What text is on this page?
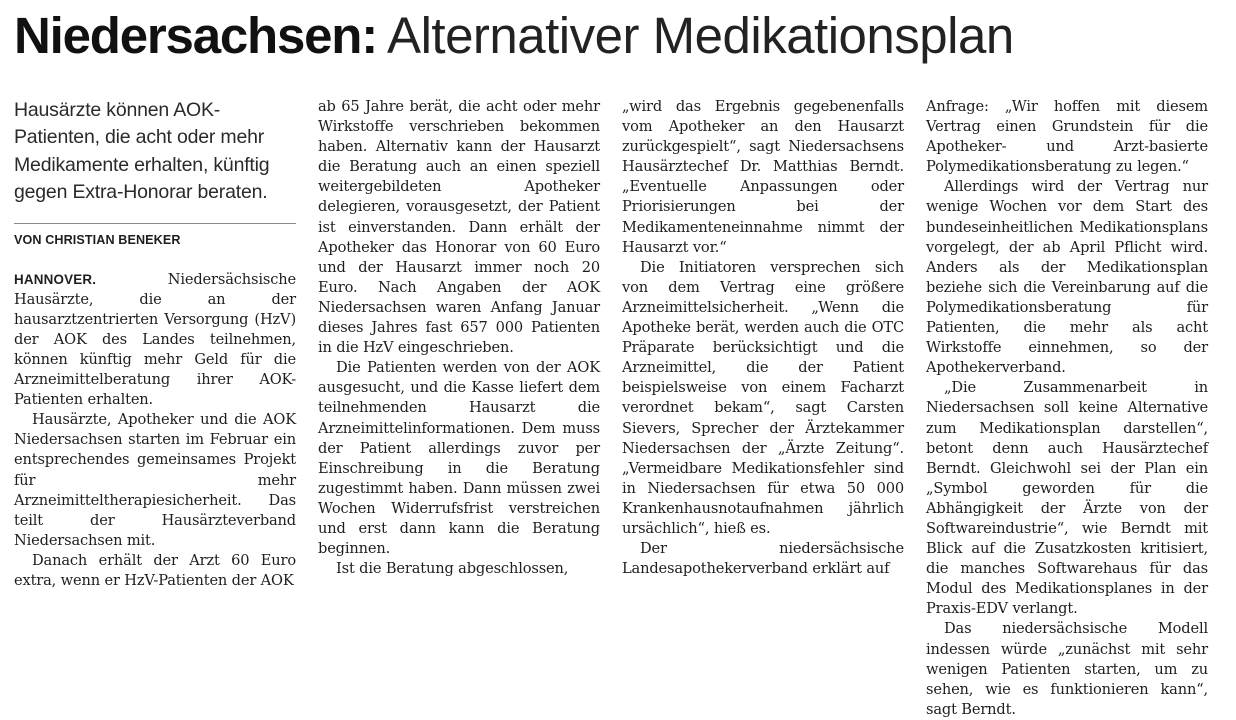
Niedersachsen: Alternativer Medikationsplan

Hausärzte können AOK-Patienten, die acht oder mehr Medikamente erhalten, künftig gegen Extra-Honorar beraten.

VON CHRISTIAN BENEKER

HANNOVER. Niedersächsische Hausärzte, die an der hausarztzentrierten Versorgung (HzV) der AOK des Landes teilnehmen, können künftig mehr Geld für die Arzneimittelberatung ihrer AOK-Patienten erhalten.

Hausärzte, Apotheker und die AOK Niedersachsen starten im Februar ein entsprechendes gemeinsames Projekt für mehr Arzneimitteltherapiesicherheit. Das teilt der Hausärzteverband Niedersachsen mit.

Danach erhält der Arzt 60 Euro extra, wenn er HzV-Patienten der AOK

ab 65 Jahre berät, die acht oder mehr Wirkstoffe verschrieben bekommen haben. Alternativ kann der Hausarzt die Beratung auch an einen speziell weitergebildeten Apotheker delegieren, vorausgesetzt, der Patient ist einverstanden. Dann erhält der Apotheker das Honorar von 60 Euro und der Hausarzt immer noch 20 Euro. Nach Angaben der AOK Niedersachsen waren Anfang Januar dieses Jahres fast 657 000 Patienten in die HzV eingeschrieben.

Die Patienten werden von der AOK ausgesucht, und die Kasse liefert dem teilnehmenden Hausarzt die Arzneimittelinformationen. Dem muss der Patient allerdings zuvor per Einschreibung in die Beratung zugestimmt haben. Dann müssen zwei Wochen Widerrufsfrist verstreichen und erst dann kann die Beratung beginnen.

Ist die Beratung abgeschlossen,

„wird das Ergebnis gegebenenfalls vom Apotheker an den Hausarzt zurückgespielt“, sagt Niedersachsens Hausärztechef Dr. Matthias Berndt. „Eventuelle Anpassungen oder Priorisierungen bei der Medikamenteneinnahme nimmt der Hausarzt vor.“

Die Initiatoren versprechen sich von dem Vertrag eine größere Arzneimittelsicherheit. „Wenn die Apotheke berät, werden auch die OTC Präparate berücksichtigt und die Arzneimittel, die der Patient beispielsweise von einem Facharzt verordnet bekam“, sagt Carsten Sievers, Sprecher der Ärztekammer Niedersachsen der „Ärzte Zeitung“. „Vermeidbare Medikationsfehler sind in Niedersachsen für etwa 50 000 Krankenhausnotaufnahmen jährlich ursächlich“, hieß es.

Der niedersächsische Landesapothekerverband erklärt auf

Anfrage: „Wir hoffen mit diesem Vertrag einen Grundstein für die Apotheker- und Arzt-basierte Polymedikationsberatung zu legen.“

Allerdings wird der Vertrag nur wenige Wochen vor dem Start des bundeseinheitlichen Medikationsplans vorgelegt, der ab April Pflicht wird. Anders als der Medikationsplan beziehe sich die Vereinbarung auf die Polymedikationsberatung für Patienten, die mehr als acht Wirkstoffe einnehmen, so der Apothekerverband.

„Die Zusammenarbeit in Niedersachsen soll keine Alternative zum Medikationsplan darstellen“, betont denn auch Hausärztechef Berndt. Gleichwohl sei der Plan ein „Symbol geworden für die Abhängigkeit der Ärzte von der Softwareindustrie“, wie Berndt mit Blick auf die Zusatzkosten kritisiert, die manches Softwarehaus für das Modul des Medikationsplanes in der Praxis-EDV verlangt.

Das niedersächsische Modell indessen würde „zunächst mit sehr wenigen Patienten starten, um zu sehen, wie es funktionieren kann“, sagt Berndt.
